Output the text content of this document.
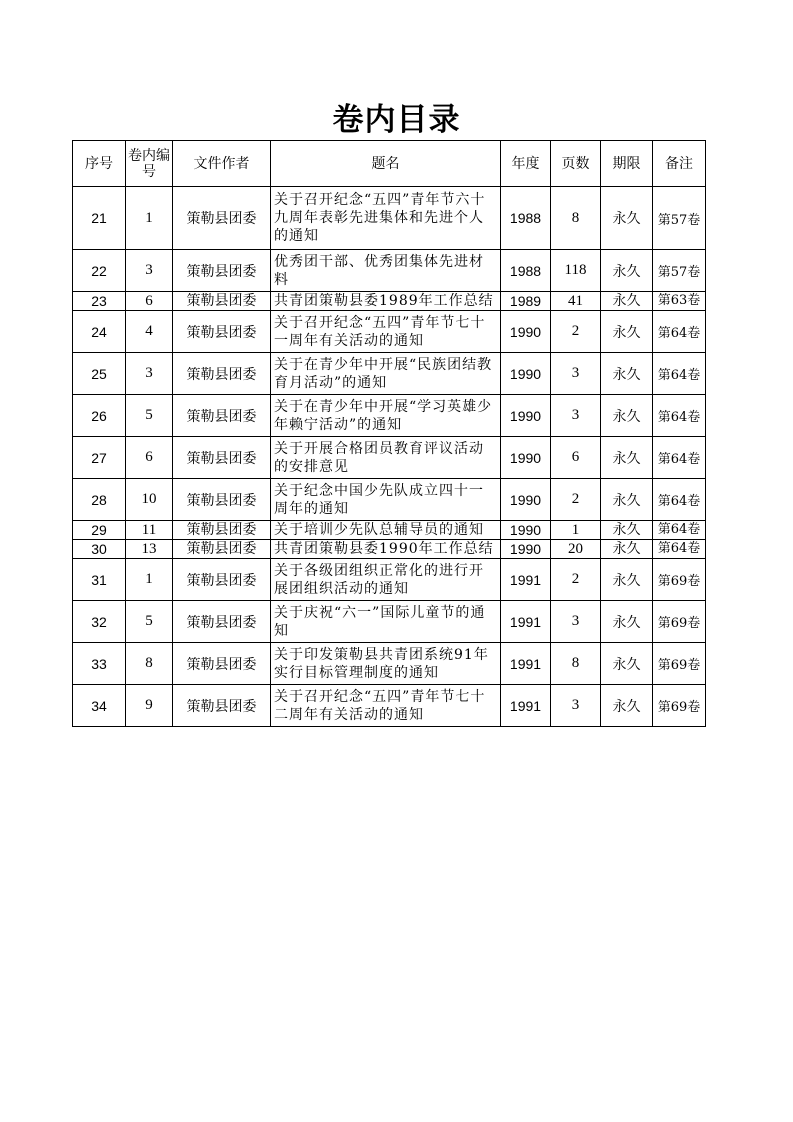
卷内目录
序号	卷内编号	文件作者	题名	年度	页数	期限	备注
21	1	策勒县团委	关于召开纪念“五四”青年节六十九周年表彰先进集体和先进个人的通知	1988	8	永久	第57卷
22	3	策勒县团委	优秀团干部、优秀团集体先进材料	1988	118	永久	第57卷
23	6	策勒县团委	共青团策勒县委1989年工作总结	1989	41	永久	第63卷
24	4	策勒县团委	关于召开纪念“五四”青年节七十一周年有关活动的通知	1990	2	永久	第64卷
25	3	策勒县团委	关于在青少年中开展“民族团结教育月活动”的通知	1990	3	永久	第64卷
26	5	策勒县团委	关于在青少年中开展“学习英雄少年赖宁活动”的通知	1990	3	永久	第64卷
27	6	策勒县团委	关于开展合格团员教育评议活动的安排意见	1990	6	永久	第64卷
28	10	策勒县团委	关于纪念中国少先队成立四十一周年的通知	1990	2	永久	第64卷
29	11	策勒县团委	关于培训少先队总辅导员的通知	1990	1	永久	第64卷
30	13	策勒县团委	共青团策勒县委1990年工作总结	1990	20	永久	第64卷
31	1	策勒县团委	关于各级团组织正常化的进行开展团组织活动的通知	1991	2	永久	第69卷
32	5	策勒县团委	关于庆祝“六一”国际儿童节的通知	1991	3	永久	第69卷
33	8	策勒县团委	关于印发策勒县共青团系统91年实行目标管理制度的通知	1991	8	永久	第69卷
34	9	策勒县团委	关于召开纪念“五四”青年节七十二周年有关活动的通知	1991	3	永久	第69卷
